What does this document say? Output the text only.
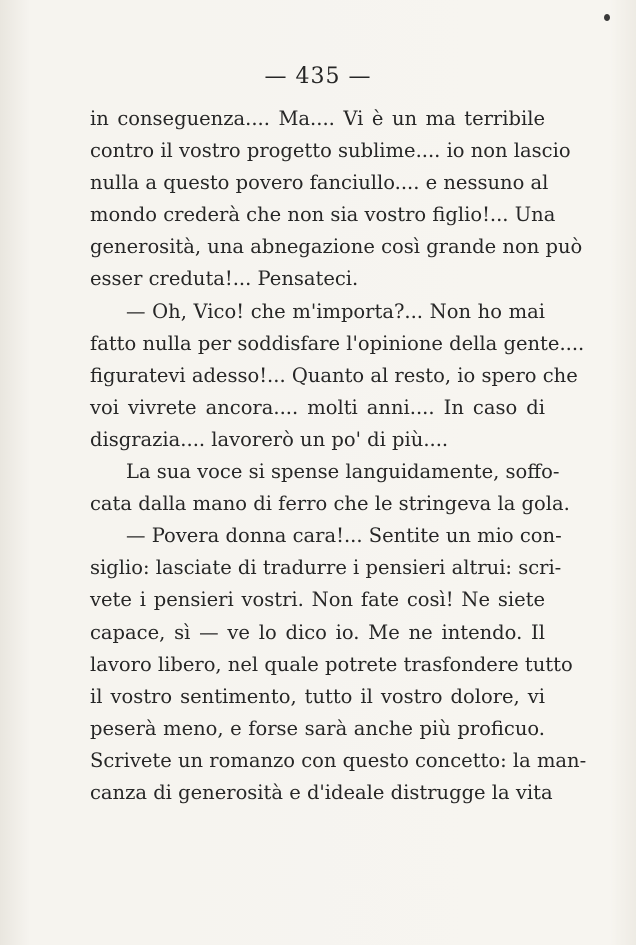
— 435 —
in conseguenza.... Ma.... Vi è un ma terribile
contro il vostro progetto sublime.... io non lascio
nulla a questo povero fanciullo.... e nessuno al
mondo crederà che non sia vostro figlio!... Una
generosità, una abnegazione così grande non può
esser creduta!... Pensateci.
— Oh, Vico! che m'importa?... Non ho mai
fatto nulla per soddisfare l'opinione della gente....
figuratevi adesso!... Quanto al resto, io spero che
voi vivrete ancora.... molti anni.... In caso di
disgrazia.... lavorerò un po' di più....
La sua voce si spense languidamente, soffo-
cata dalla mano di ferro che le stringeva la gola.
— Povera donna cara!... Sentite un mio con-
siglio: lasciate di tradurre i pensieri altrui: scri-
vete i pensieri vostri. Non fate così! Ne siete
capace, sì — ve lo dico io. Me ne intendo. Il
lavoro libero, nel quale potrete trasfondere tutto
il vostro sentimento, tutto il vostro dolore, vi
peserà meno, e forse sarà anche più proficuo.
Scrivete un romanzo con questo concetto: la man-
canza di generosità e d'ideale distrugge la vita
